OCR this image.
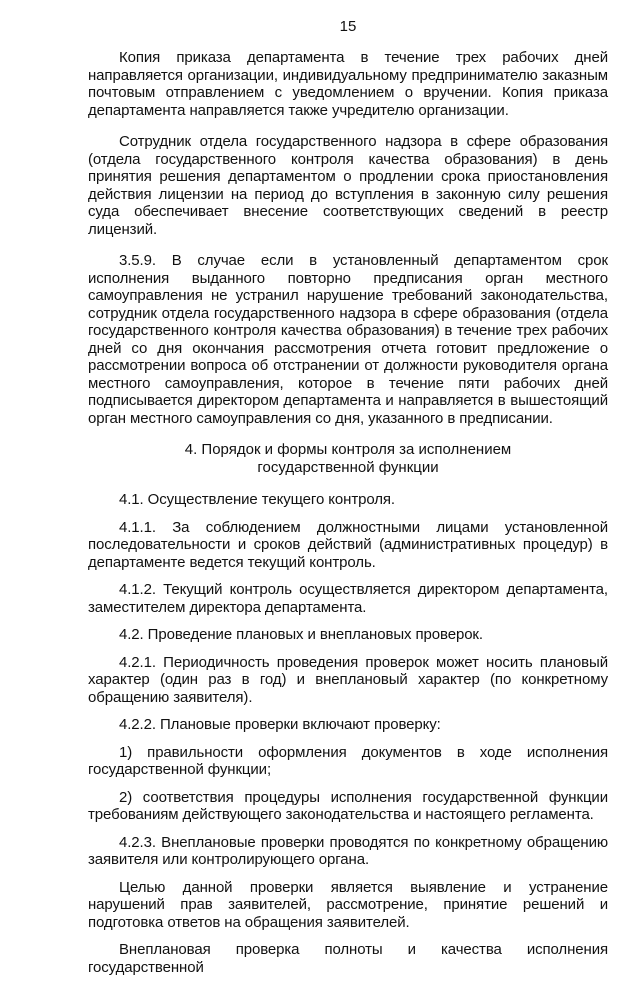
15

Копия приказа департамента в течение трех рабочих дней направляется организации, индивидуальному предпринимателю заказным почтовым отправлением с уведомлением о вручении. Копия приказа департамента направляется также учредителю организации.

Сотрудник отдела государственного надзора в сфере образования (отдела государственного контроля качества образования) в день принятия решения департаментом о продлении срока приостановления действия лицензии на период до вступления в законную силу решения суда обеспечивает внесение соответствующих сведений в реестр лицензий.

3.5.9. В случае если в установленный департаментом срок исполнения выданного повторно предписания орган местного самоуправления не устранил нарушение требований законодательства, сотрудник отдела государственного надзора в сфере образования (отдела государственного контроля качества образования) в течение трех рабочих дней со дня окончания рассмотрения отчета готовит предложение о рассмотрении вопроса об отстранении от должности руководителя органа местного самоуправления, которое в течение пяти рабочих дней подписывается директором департамента и направляется в вышестоящий орган местного самоуправления со дня, указанного в предписании.

4. Порядок и формы контроля за исполнением
государственной функции

4.1. Осуществление текущего контроля.

4.1.1. За соблюдением должностными лицами установленной последовательности и сроков действий (административных процедур) в департаменте ведется текущий контроль.

4.1.2. Текущий контроль осуществляется директором департамента, заместителем директора департамента.

4.2. Проведение плановых и внеплановых проверок.

4.2.1. Периодичность проведения проверок может носить плановый характер (один раз в год) и внеплановый характер (по конкретному обращению заявителя).

4.2.2. Плановые проверки включают проверку:

1) правильности оформления документов в ходе исполнения государственной функции;

2) соответствия процедуры исполнения государственной функции требованиям действующего законодательства и настоящего регламента.

4.2.3. Внеплановые проверки проводятся по конкретному обращению заявителя или контролирующего органа.

Целью данной проверки является выявление и устранение нарушений прав заявителей, рассмотрение, принятие решений и подготовка ответов на обращения заявителей.

Внеплановая проверка полноты и качества исполнения государственной
